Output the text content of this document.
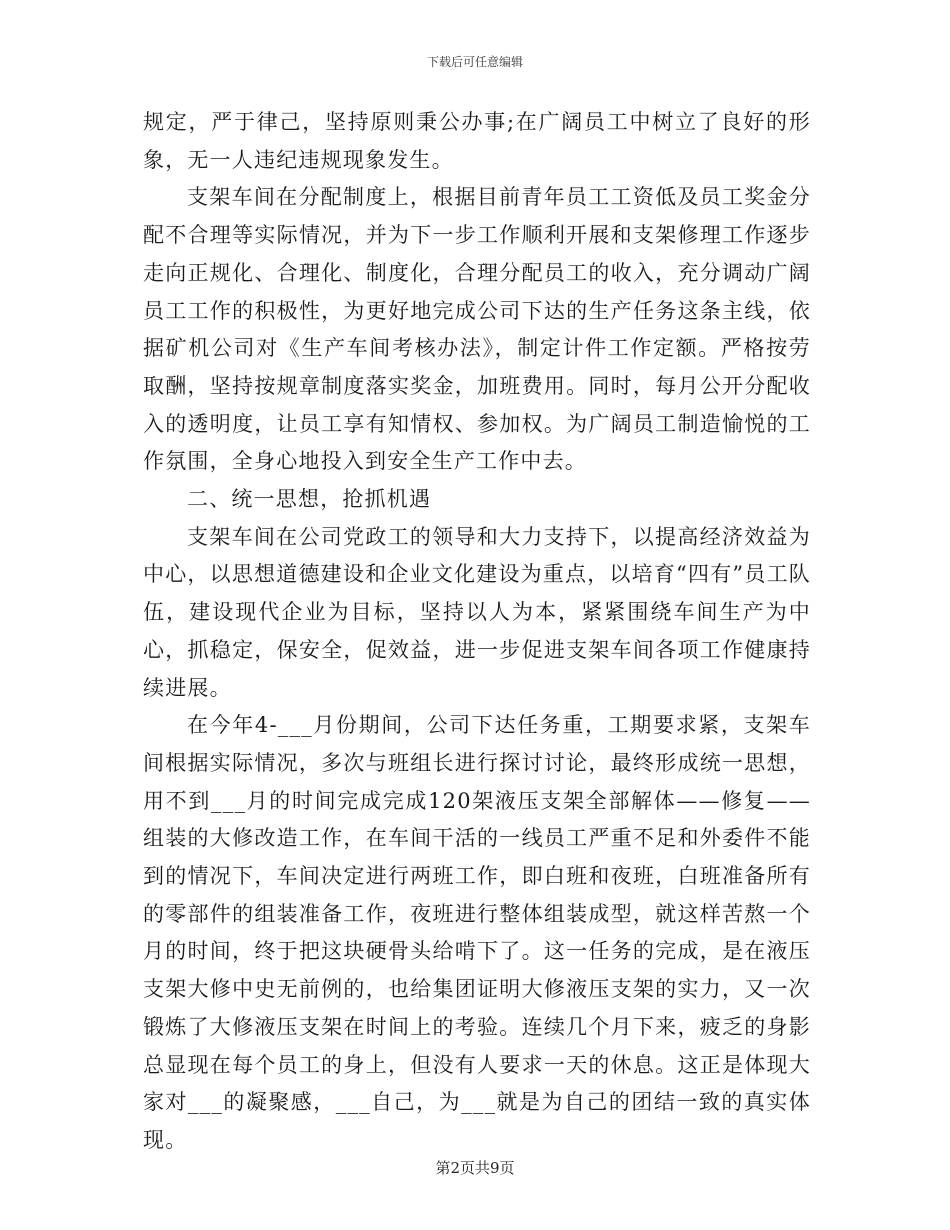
下载后可任意编辑

规定，严于律己，坚持原则秉公办事;在广阔员工中树立了良好的形象，无一人违纪违规现象发生。

支架车间在分配制度上，根据目前青年员工工资低及员工奖金分配不合理等实际情况，并为下一步工作顺利开展和支架修理工作逐步走向正规化、合理化、制度化，合理分配员工的收入，充分调动广阔员工工作的积极性，为更好地完成公司下达的生产任务这条主线，依据矿机公司对《生产车间考核办法》，制定计件工作定额。严格按劳取酬，坚持按规章制度落实奖金，加班费用。同时，每月公开分配收入的透明度，让员工享有知情权、参加权。为广阔员工制造愉悦的工作氛围，全身心地投入到安全生产工作中去。

二、统一思想，抢抓机遇

支架车间在公司党政工的领导和大力支持下，以提高经济效益为中心，以思想道德建设和企业文化建设为重点，以培育“四有”员工队伍，建设现代企业为目标，坚持以人为本，紧紧围绕车间生产为中心，抓稳定，保安全，促效益，进一步促进支架车间各项工作健康持续进展。

在今年4-___月份期间，公司下达任务重，工期要求紧，支架车间根据实际情况，多次与班组长进行探讨讨论，最终形成统一思想，用不到___月的时间完成完成120架液压支架全部解体——修复——组装的大修改造工作，在车间干活的一线员工严重不足和外委件不能到的情况下，车间决定进行两班工作，即白班和夜班，白班准备所有的零部件的组装准备工作，夜班进行整体组装成型，就这样苦熬一个月的时间，终于把这块硬骨头给啃下了。这一任务的完成，是在液压支架大修中史无前例的，也给集团证明大修液压支架的实力，又一次锻炼了大修液压支架在时间上的考验。连续几个月下来，疲乏的身影总显现在每个员工的身上，但没有人要求一天的休息。这正是体现大家对___的凝聚感，___自己，为___就是为自己的团结一致的真实体现。

第2页共9页
